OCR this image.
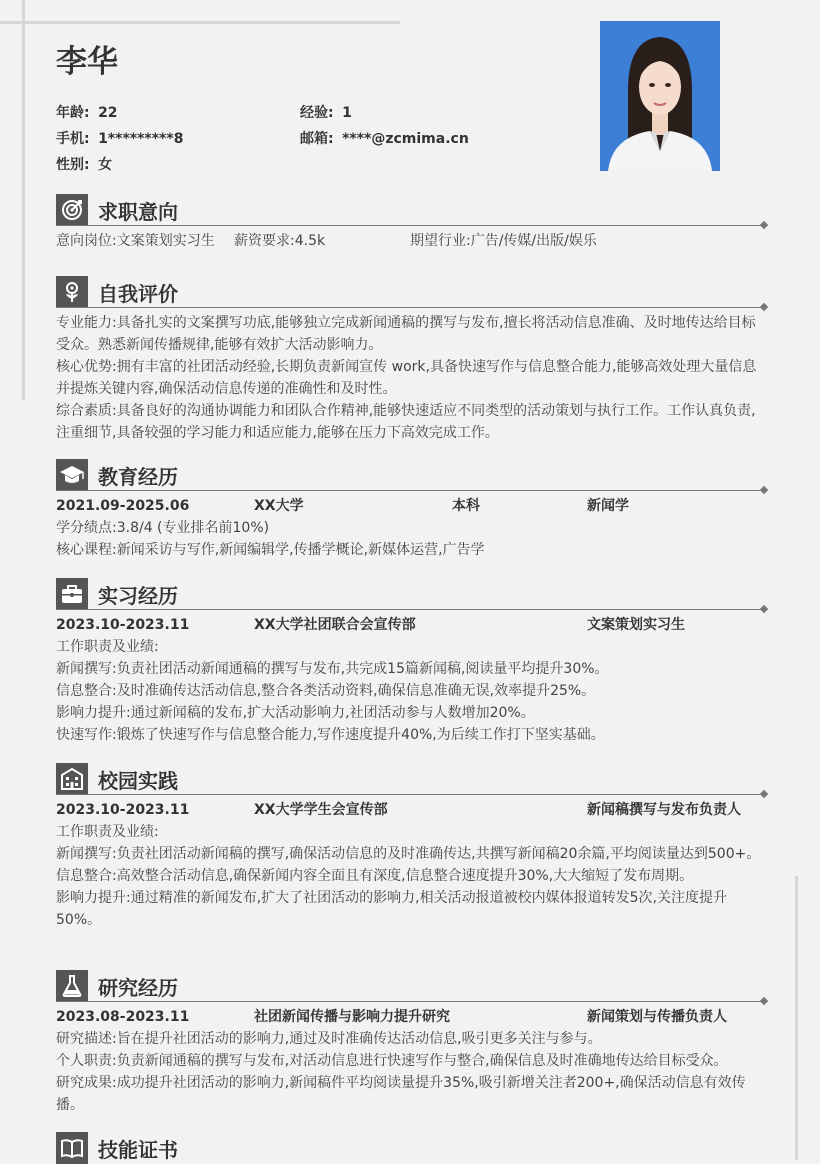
李华
年龄: 22	经验: 1
手机: 1*********8	邮箱: ****@zcmima.cn
性别: 女
求职意向
意向岗位:文案策划实习生 薪资要求:4.5k	期望行业:广告/传媒/出版/娱乐
自我评价

专业能力:具备扎实的文案撰写功底,能够独立完成新闻通稿的撰写与发布,擅长将活动信息准确、及时地传达给目标受众。熟悉新闻传播规律,能够有效扩大活动影响力。

核心优势:拥有丰富的社团活动经验,长期负责新闻宣传 work,具备快速写作与信息整合能力,能够高效处理大量信息并提炼关键内容,确保活动信息传递的准确性和及时性。

综合素质:具备良好的沟通协调能力和团队合作精神,能够快速适应不同类型的活动策划与执行工作。工作认真负责,注重细节,具备较强的学习能力和适应能力,能够在压力下高效完成工作。

教育经历
2021.09-2025.06	XX大学	本科	新闻学

学分绩点:3.8/4 (专业排名前10%)

核心课程:新闻采访与写作,新闻编辑学,传播学概论,新媒体运营,广告学

实习经历
2023.10-2023.11	XX大学社团联合会宣传部	文案策划实习生

工作职责及业绩:

新闻撰写:负责社团活动新闻通稿的撰写与发布,共完成15篇新闻稿,阅读量平均提升30%。

信息整合:及时准确传达活动信息,整合各类活动资料,确保信息准确无误,效率提升25%。

影响力提升:通过新闻稿的发布,扩大活动影响力,社团活动参与人数增加20%。

快速写作:锻炼了快速写作与信息整合能力,写作速度提升40%,为后续工作打下坚实基础。

校园实践
2023.10-2023.11	XX大学学生会宣传部	新闻稿撰写与发布负责人

工作职责及业绩:

新闻撰写:负责社团活动新闻稿的撰写,确保活动信息的及时准确传达,共撰写新闻稿20余篇,平均阅读量达到500+。

信息整合:高效整合活动信息,确保新闻内容全面且有深度,信息整合速度提升30%,大大缩短了发布周期。

影响力提升:通过精准的新闻发布,扩大了社团活动的影响力,相关活动报道被校内媒体报道转发5次,关注度提升50%。

研究经历
2023.08-2023.11	社团新闻传播与影响力提升研究	新闻策划与传播负责人

研究描述:旨在提升社团活动的影响力,通过及时准确传达活动信息,吸引更多关注与参与。

个人职责:负责新闻通稿的撰写与发布,对活动信息进行快速写作与整合,确保信息及时准确地传达给目标受众。

研究成果:成功提升社团活动的影响力,新闻稿件平均阅读量提升35%,吸引新增关注者200+,确保活动信息有效传播。

技能证书
